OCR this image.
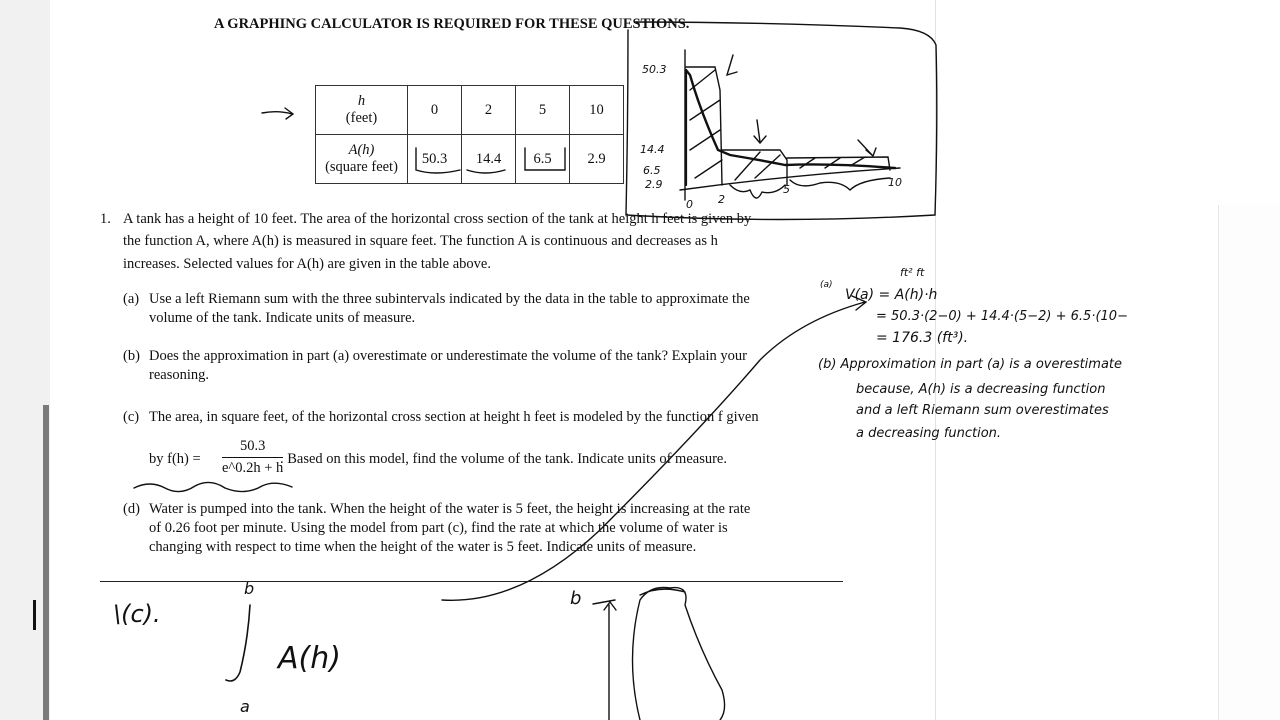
A GRAPHING CALCULATOR IS REQUIRED FOR THESE QUESTIONS.
h
(feet)	0	2	5	10
A(h)
(square feet)	50.3	14.4	6.5	2.9
1. A tank has a height of 10 feet. The area of the horizontal cross section of the tank at height h feet is given by
the function A, where A(h) is measured in square feet. The function A is continuous and decreases as h
increases. Selected values for A(h) are given in the table above.
(a) Use a left Riemann sum with the three subintervals indicated by the data in the table to approximate the
volume of the tank. Indicate units of measure.
(b) Does the approximation in part (a) overestimate or underestimate the volume of the tank? Explain your
reasoning.
(c) The area, in square feet, of the horizontal cross section at height h feet is modeled by the function f given
by $f(h) = \frac{50.3}{e\^{}0.2h + h}$
. Based on this model, find the volume of the tank. Indicate units of measure.
(d) Water is pumped into the tank. When the height of the water is 5 feet, the height is increasing at the rate
of 0.26 foot per minute. Using the model from part (c), find the rate at which the volume of water is
changing with respect to time when the height of the water is 5 feet. Indicate units of measure.
50.3
14.4
6.5
2.9
0 2
5
10
(a)
ft² ft
V(a) = A(h)·h
= 50.3·(2−0) + 14.4·(5−2) + 6.5·(10−
= 176.3 (ft³).
(b) Approximation in part (a) is a overestimate
because, A(h) is a decreasing function
and a left Riemann sum overestimates
a decreasing function.
\(c).
b
a
A(h)
b
